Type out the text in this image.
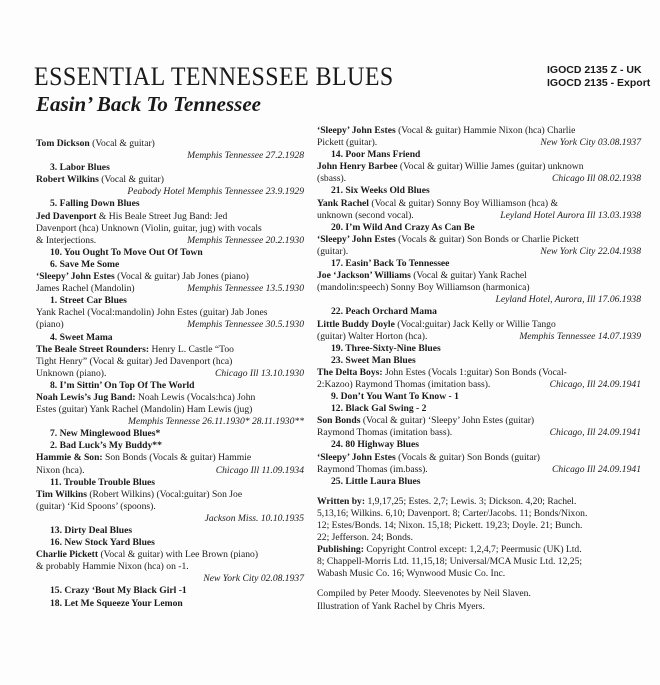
ESSENTIAL TENNESSEE BLUES
Easin’ Back To Tennessee
IGOCD 2135 Z - UK
IGOCD 2135 - Export
Tom Dickson (Vocal & guitar)
Memphis Tennessee 27.2.1928
3. Labor Blues
Robert Wilkins (Vocal & guitar)
Peabody Hotel Memphis Tennessee 23.9.1929
5. Falling Down Blues
Jed Davenport & His Beale Street Jug Band: Jed
Davenport (hca) Unknown (Violin, guitar, jug) with vocals
& Interjections.	Memphis Tennessee 20.2.1930
10. You Ought To Move Out Of Town
6. Save Me Some
‘Sleepy’ John Estes (Vocal & guitar) Jab Jones (piano)
James Rachel (Mandolin)	Memphis Tennessee 13.5.1930
1. Street Car Blues
Yank Rachel (Vocal:mandolin) John Estes (guitar) Jab Jones
(piano)	Memphis Tennessee 30.5.1930
4. Sweet Mama
The Beale Street Rounders: Henry L. Castle “Too
Tight Henry” (Vocal & guitar) Jed Davenport (hca)
Unknown (piano).	Chicago Ill 13.10.1930
8. I’m Sittin’ On Top Of The World
Noah Lewis’s Jug Band: Noah Lewis (Vocals:hca) John
Estes (guitar) Yank Rachel (Mandolin) Ham Lewis (jug)
Memphis Tennesse 26.11.1930* 28.11.1930**
7. New Minglewood Blues*
2. Bad Luck’s My Buddy**
Hammie & Son: Son Bonds (Vocals & guitar) Hammie
Nixon (hca).	Chicago Ill 11.09.1934
11. Trouble Trouble Blues
Tim Wilkins (Robert Wilkins) (Vocal:guitar) Son Joe
(guitar) ‘Kid Spoons’ (spoons).
Jackson Miss. 10.10.1935
13. Dirty Deal Blues
16. New Stock Yard Blues
Charlie Pickett (Vocal & guitar) with Lee Brown (piano)
& probably Hammie Nixon (hca) on -1.
New York City 02.08.1937
15. Crazy ‘Bout My Black Girl -1
18. Let Me Squeeze Your Lemon
‘Sleepy’ John Estes (Vocal & guitar) Hammie Nixon (hca) Charlie
Pickett (guitar).	New York City 03.08.1937
14. Poor Mans Friend
John Henry Barbee (Vocal & guitar) Willie James (guitar) unknown
(sbass).	Chicago Ill 08.02.1938
21. Six Weeks Old Blues
Yank Rachel (Vocal & guitar) Sonny Boy Williamson (hca) &
unknown (second vocal).	Leyland Hotel Aurora Ill 13.03.1938
20. I’m Wild And Crazy As Can Be
‘Sleepy’ John Estes (Vocals & guitar) Son Bonds or Charlie Pickett
(guitar).	New York City 22.04.1938
17. Easin’ Back To Tennessee
Joe ‘Jackson’ Williams (Vocal & guitar) Yank Rachel
(mandolin:speech) Sonny Boy Williamson (harmonica)
Leyland Hotel, Aurora, Ill 17.06.1938
22. Peach Orchard Mama
Little Buddy Doyle (Vocal:guitar) Jack Kelly or Willie Tango
(guitar) Walter Horton (hca).	Memphis Tennessee 14.07.1939
19. Three-Sixty-Nine Blues
23. Sweet Man Blues
The Delta Boys: John Estes (Vocals 1:guitar) Son Bonds (Vocal-
2:Kazoo) Raymond Thomas (imitation bass).	Chicago, Ill 24.09.1941
9. Don’t You Want To Know - 1
12. Black Gal Swing - 2
Son Bonds (Vocal & guitar) ‘Sleepy’ John Estes (guitar)
Raymond Thomas (imitation bass).	Chicago, Ill 24.09.1941
24. 80 Highway Blues
‘Sleepy’ John Estes (Vocals & guitar) Son Bonds (guitar)
Raymond Thomas (im.bass).	Chicago Ill 24.09.1941
25. Little Laura Blues
Written by: 1,9,17,25; Estes. 2,7; Lewis. 3; Dickson. 4,20; Rachel.
5,13,16; Wilkins. 6,10; Davenport. 8; Carter/Jacobs. 11; Bonds/Nixon.
12; Estes/Bonds. 14; Nixon. 15,18; Pickett. 19,23; Doyle. 21; Bunch.
22; Jefferson. 24; Bonds.
Publishing: Copyright Control except: 1,2,4,7; Peermusic (UK) Ltd.
8; Chappell-Morris Ltd. 11,15,18; Universal/MCA Music Ltd. 12,25;
Wabash Music Co. 16; Wynwood Music Co. Inc.
Compiled by Peter Moody. Sleevenotes by Neil Slaven.
Illustration of Yank Rachel by Chris Myers.
